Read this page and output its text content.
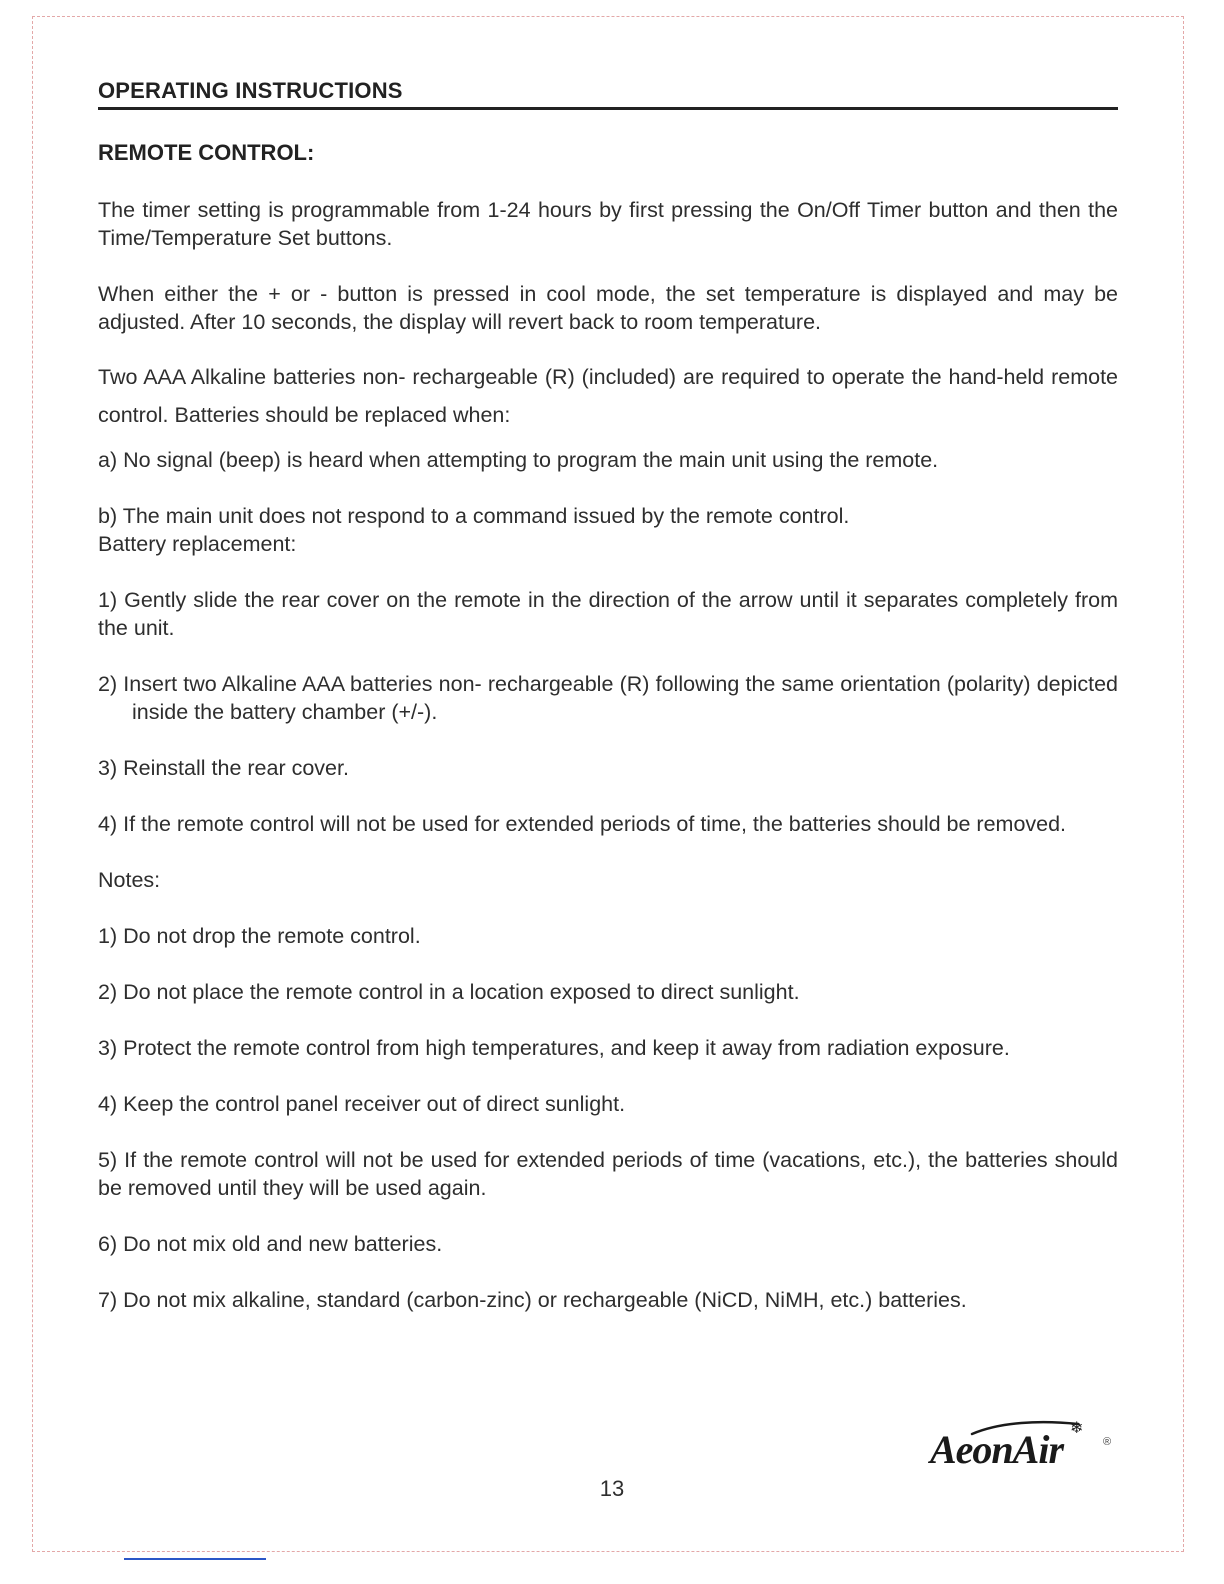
OPERATING INSTRUCTIONS
REMOTE CONTROL:

The timer setting is programmable from 1-24 hours by first pressing the On/Off Timer button and then the Time/Temperature Set buttons.

When either the + or - button is pressed in cool mode, the set temperature is displayed and may be adjusted. After 10 seconds, the display will revert back to room temperature.

Two AAA Alkaline batteries non- rechargeable (R) (included) are required to operate the hand-held remote control. Batteries should be replaced when:

a) No signal (beep) is heard when attempting to program the main unit using the remote.

b) The main unit does not respond to a command issued by the remote control.

Battery replacement:

1) Gently slide the rear cover on the remote in the direction of the arrow until it separates completely from the unit.

2) Insert two Alkaline AAA batteries non- rechargeable (R) following the same orientation (polarity) depicted inside the battery chamber (+/-).

3) Reinstall the rear cover.

4) If the remote control will not be used for extended periods of time, the batteries should be removed.

Notes:

1) Do not drop the remote control.

2) Do not place the remote control in a location exposed to direct sunlight.

3) Protect the remote control from high temperatures, and keep it away from radiation exposure.

4) Keep the control panel receiver out of direct sunlight.

5) If the remote control will not be used for extended periods of time (vacations, etc.), the batteries should be removed until they will be used again.

6) Do not mix old and new batteries.

7) Do not mix alkaline, standard (carbon-zinc) or rechargeable (NiCD, NiMH, etc.) batteries.

❄
AeonAir	®
13
